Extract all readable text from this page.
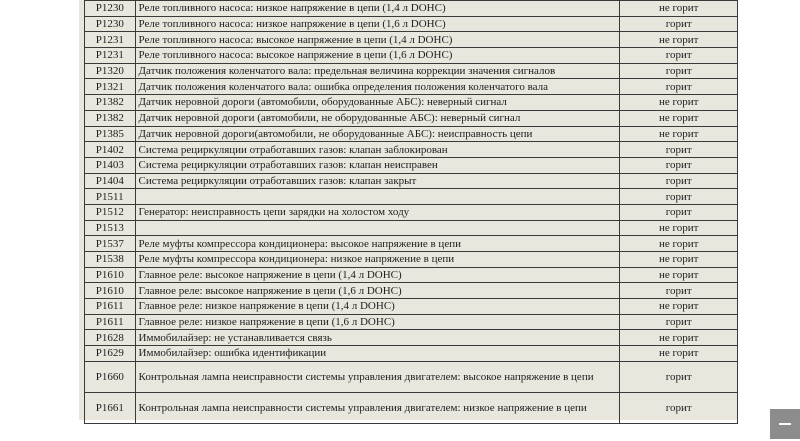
P1230	Реле топливного насоса: низкое напряжение в цепи (1,4 л DOHC)	не горит
P1230	Реле топливного насоса: низкое напряжение в цепи (1,6 л DOHC)	горит
P1231	Реле топливного насоса: высокое напряжение в цепи (1,4 л DOHC)	не горит
P1231	Реле топливного насоса: высокое напряжение в цепи (1,6 л DOHC)	горит
P1320	Датчик положения коленчатого вала: предельная величина коррекции значения сигналов	горит
P1321	Датчик положения коленчатого вала: ошибка определения положения коленчатого вала	горит
P1382	Датчик неровной дороги (автомобили, оборудованные АБС): неверный сигнал	не горит
P1382	Датчик неровной дороги (автомобили, не оборудованные АБС): неверный сигнал	не горит
P1385	Датчик неровной дороги(автомобили, не оборудованные АБС): неисправность цепи	не горит
P1402	Система рециркуляции отработавших газов: клапан заблокирован	горит
P1403	Система рециркуляции отработавших газов: клапан неисправен	горит
P1404	Система рециркуляции отработавших газов: клапан закрыт	горит
P1511		горит
P1512	Генератор: неисправность цепи зарядки на холостом ходу	горит
P1513		не горит
P1537	Реле муфты компрессора кондиционера: высокое напряжение в цепи	не горит
P1538	Реле муфты компрессора кондиционера: низкое напряжение в цепи	не горит
P1610	Главное реле: высокое напряжение в цепи (1,4 л DOHC)	не горит
P1610	Главное реле: высокое напряжение в цепи (1,6 л DOHC)	горит
P1611	Главное реле: низкое напряжение в цепи (1,4 л DOHC)	не горит
P1611	Главное реле: низкое напряжение в цепи (1,6 л DOHC)	горит
P1628	Иммобилайзер: не устанавливается связь	не горит
P1629	Иммобилайзер: ошибка идентификации	не горит
P1660	Контрольная лампа неисправности системы управления двигателем: высокое напряжение в цепи	горит
P1661	Контрольная лампа неисправности системы управления двигателем: низкое напряжение в цепи	горит
